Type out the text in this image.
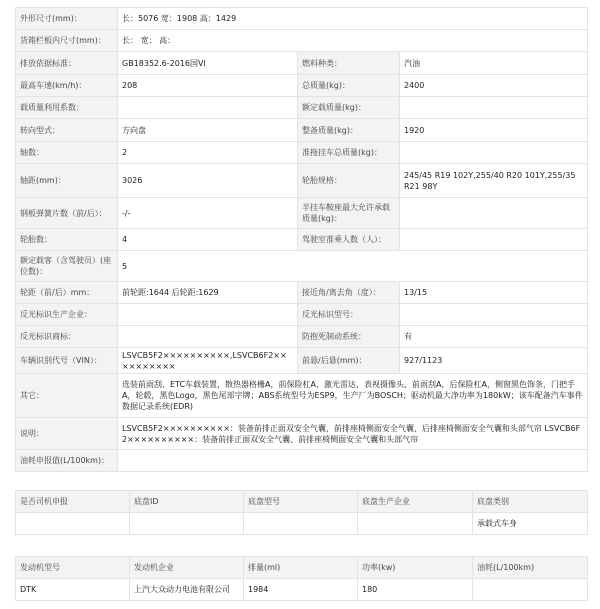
外形尺寸(mm)：	长：5076 宽：1908 高：1429		
货箱栏板内尺寸(mm)：	长： 宽： 高：		
排放依据标准：	GB18352.6-2016国VI	燃料种类：	汽油
最高车速(km/h)：	208	总质量(kg)：	2400
载质量利用系数：		额定载质量(kg)：	
转向型式：	方向盘	整备质量(kg)：	1920
轴数：	2	准拖挂车总质量(kg)：	
轴距(mm)：	3026	轮胎规格：	245/45 R19 102Y,255/40 R20 101Y,255/35 R21 98Y
钢板弹簧片数（前/后）：	-/-	半挂车鞍座最大允许承载质量(kg)：	
轮胎数：	4	驾驶室准乘人数（人）：	
额定载客（含驾驶员）(座位数)：	5		
轮距（前/后）mm：	前轮距:1644 后轮距:1629	接近角/离去角（度）：	13/15
反光标识生产企业：		反光标识型号：	
反光标识商标：		防抱死制动系统：	有
车辆识别代号（VIN）：	LSVCB5F2××××××××××,LSVCB6F2××××××××××	前悬/后悬(mm)：	927/1123
其它：	选装前雨刮、ETC车载装置，散热器格栅A，前保险杠A，激光雷达，表视摄像头，前雨刮A，后保险杠A，侧窗黑色饰条，门把手A，轮毂，黑色Logo，黑色尾部字牌；ABS系统型号为ESP9，生产厂为BOSCH；驱动机最大净功率为180kW；该车配备汽车事件数据记录系统(EDR)		
说明：	LSVCB5F2××××××××××：装备前排正面双安全气囊、前排座椅侧面安全气囊、后排座椅侧面安全气囊和头部气帘 LSVCB6F2××××××××××：装备前排正面双安全气囊、前排座椅侧面安全气囊和头部气帘		
油耗申报值(L/100km)：			
是否司机申报	底盘ID	底盘型号	底盘生产企业	底盘类别
				承载式车身
发动机型号	发动机企业	排量(ml)	功率(kw)	油耗(L/100km)
DTK	上汽大众动力电池有限公司	1984	180	
